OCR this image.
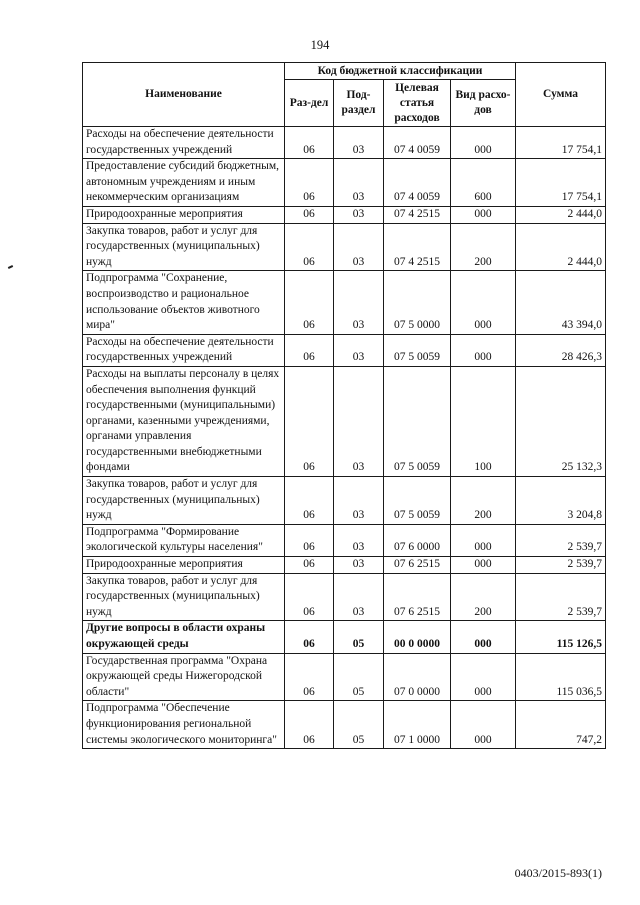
194
Наименование	Код бюджетной классификации				Сумма
	Раз-дел	Под-раздел	Целевая статья расходов	Вид расхо-дов	
Расходы на обеспечение деятельности государственных учреждений	06	03	07 4 0059	000	17 754,1
Предоставление субсидий бюджетным, автономным учреждениям и иным некоммерческим организациям	06	03	07 4 0059	600	17 754,1
Природоохранные мероприятия	06	03	07 4 2515	000	2 444,0
Закупка товаров, работ и услуг для государственных (муниципальных) нужд	06	03	07 4 2515	200	2 444,0
Подпрограмма "Сохранение, воспроизводство и рациональное использование объектов животного мира"	06	03	07 5 0000	000	43 394,0
Расходы на обеспечение деятельности государственных учреждений	06	03	07 5 0059	000	28 426,3
Расходы на выплаты персоналу в целях обеспечения выполнения функций государственными (муниципальными) органами, казенными учреждениями, органами управления государственными внебюджетными фондами	06	03	07 5 0059	100	25 132,3
Закупка товаров, работ и услуг для государственных (муниципальных) нужд	06	03	07 5 0059	200	3 204,8
Подпрограмма "Формирование экологической культуры населения"	06	03	07 6 0000	000	2 539,7
Природоохранные мероприятия	06	03	07 6 2515	000	2 539,7
Закупка товаров, работ и услуг для государственных (муниципальных) нужд	06	03	07 6 2515	200	2 539,7
Другие вопросы в области охраны окружающей среды	06	05	00 0 0000	000	115 126,5
Государственная программа "Охрана окружающей среды Нижегородской области"	06	05	07 0 0000	000	115 036,5
Подпрограмма "Обеспечение функционирования региональной системы экологического мониторинга"	06	05	07 1 0000	000	747,2
0403/2015-893(1)
